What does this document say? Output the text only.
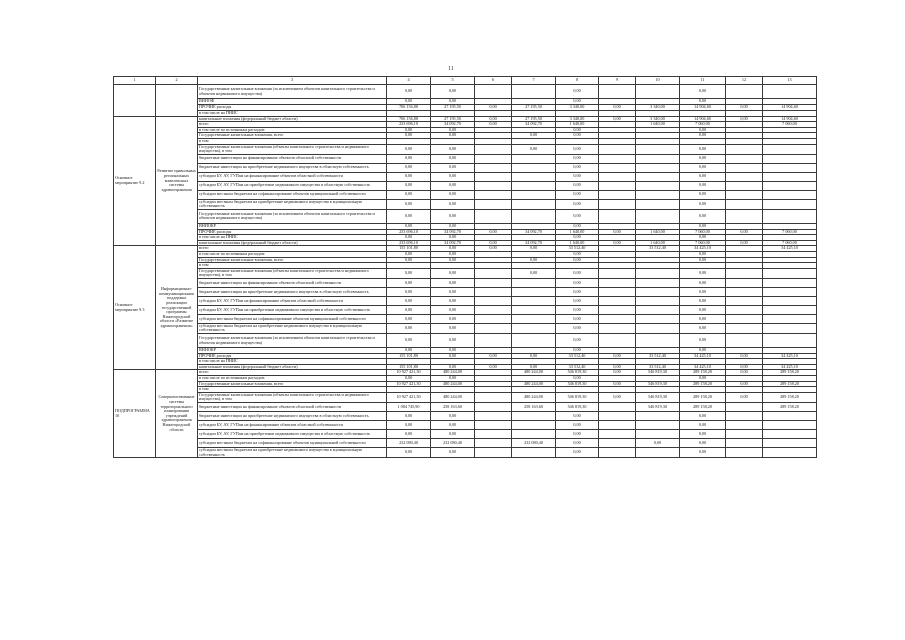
11
1	2	3	4	5	6	7	8	9	10	11	12	13
		Государственные капитальные вложения (за исключением объектов капитального строительства и объектов недвижимого имущества)	0,00	0,00			0,00			0,00		
		ВНИОФ	0,00	0,00			0,00			0,00		
		ПРОЧИЕ расходы	706 156,88	27 195,50	0,00	27 195,50	3 340,00	0,00	3 340,00	14 904,60	0,00	14 904,60
		в том числе на ПНИС										
Основное мероприятие 9.2	Развитие правильных региональных комплексных системы здравоохранения	капитальные вложения (федеральный бюджет области)	706 156,88	27 195,50	0,00	27 195,50	3 340,00	0,00	3 340,00	14 904,60	0,00	14 904,60
		всего	233 696,10	34 092,70	0,00	34 092,70	1 640,00		1 640,00	7 060,00		7 060,00
		в том числе по источникам расходов:	0,00	0,00			0,00			0,00		
		Государственные капитальные вложения, всего	0,00	0,00		0,00	0,00			0,00		
		в том										
		Государственные капитальные вложения (объекты капитального строительства и недвижимого имущества), в том	0,00	0,00		0,00	0,00			0,00		
		бюджетные инвестиции на финансирование объектов областной собственности	0,00	0,00			0,00			0,00		
		бюджетные инвестиции на приобретение недвижимого имущества в областную собственность	0,00	0,00			0,00			0,00		
		субсидии БУ, АУ, ГУПам на финансирование объектов областной собственности	0,00	0,00			0,00			0,00		
		субсидии БУ, АУ, ГУПам на приобретение недвижимого имущества в областную собственность	0,00	0,00			0,00			0,00		
		субсидии местным бюджетам на софинансирование объектов муниципальной собственности	0,00	0,00			0,00			0,00		
		субсидии местным бюджетам на приобретение недвижимого имущества в муниципальную собственность	0,00	0,00			0,00			0,00		
		Государственные капитальные вложения (за исключением объектов капитального строительства и объектов недвижимого имущества)	0,00	0,00			0,00			0,00		
		ВНИОКР	0,00	0,00			0,00			0,00		
		ПРОЧИЕ расходы	233 696,10	34 092,70	0,00	34 092,70	1 640,00	0,00	1 640,00	7 060,00	0,00	7 060,00
		в том числе на ПНИС	0,00	0,00			0,00			0,00		
		капитальные вложения (федеральный бюджет области)	233 696,10	34 092,70	0,00	34 092,70	1 640,00	0,00	1 640,00	7 060,00	0,00	7 060,00
Основное мероприятие 9.3	Информационно-коммуникационная поддержка реализации государственной программы Нижегородской области «Развитие здравоохранения»	всего	155 101,80	0,00	0,00	0,00	33 512,40		33 512,40	34 425,10		34 425,10
		в том числе по источникам расходов:	0,00	0,00			0,00			0,00		
		Государственные капитальные вложения, всего	0,00	0,00		0,00	0,00			0,00		
		в том										
		Государственные капитальные вложения (объекты капитального строительства и недвижимого имущества), в том	0,00	0,00		0,00	0,00			0,00		
		бюджетные инвестиции на финансирование объектов областной собственности	0,00	0,00			0,00			0,00		
		бюджетные инвестиции на приобретение недвижимого имущества в областную собственность	0,00	0,00			0,00			0,00		
		субсидии БУ, АУ, ГУПам на финансирование объектов областной собственности	0,00	0,00			0,00			0,00		
		субсидии БУ, АУ, ГУПам на приобретение недвижимого имущества в областную собственность	0,00	0,00			0,00			0,00		
		субсидии местным бюджетам на софинансирование объектов муниципальной собственности	0,00	0,00			0,00			0,00		
		субсидии местным бюджетам на приобретение недвижимого имущества в муниципальную собственность	0,00	0,00			0,00			0,00		
		Государственные капитальные вложения (за исключением объектов капитального строительства и объектов недвижимого имущества)	0,00	0,00			0,00			0,00		
		ВНИОКР	0,00	0,00			0,00			0,00		
		ПРОЧИЕ расходы	155 101,80	0,00	0,00	0,00	33 512,40	0,00	33 512,40	34 425,10	0,00	34 425,10
		в том числе на ПНИС										
		капитальные вложения (федеральный бюджет области)	155 101,80	0,00	0,00	0,00	33 512,40	0,00	33 512,40	34 425,10	0,00	34 425,10
ПОДПРОГРАММА 10	Совершенствование системы территориального планирования учреждений здравоохранения Нижегородской области	всего	10 927 421,30	480 244,00		480 244,00	546 819,30	0,00	546 819,30	289 158,20	0,00	289 158,20
		в том числе по источникам расходов:	0,00	0,00			0,00			0,00		
		Государственные капитальные вложения, всего	10 927 421,30	480 244,00		480 244,00	546 819,30	0,00	546 819,30	289 158,20	0,00	289 158,20
		в том										
		Государственные капитальные вложения (объекты капитального строительства и недвижимого имущества), в том	10 927 421,30	480 244,00		480 244,00	546 819,30	0,00	546 819,30	289 158,20	0,00	289 158,20
		бюджетные инвестиции на финансирование объектов областной собственности	1 084 745,90	258 163,60		258 163,60	546 819,30		546 819,30	289 158,20		289 158,20
		бюджетные инвестиции на приобретение недвижимого имущества в областную собственность	0,00	0,00			0,00			0,00		
		субсидии БУ, АУ, ГУПам на финансирование объектов областной собственности	0,00	0,00			0,00			0,00		
		субсидии БУ, АУ, ГУПам на приобретение недвижимого имущества в областную собственность	0,00	0,00			0,00			0,00		
		субсидии местным бюджетам на софинансирование объектов муниципальной собственности	232 080,40	232 080,40		232 080,40	0,00		0,00	0,00		
		субсидии местным бюджетам на приобретение недвижимого имущества в муниципальную собственность	0,00	0,00			0,00			0,00		
